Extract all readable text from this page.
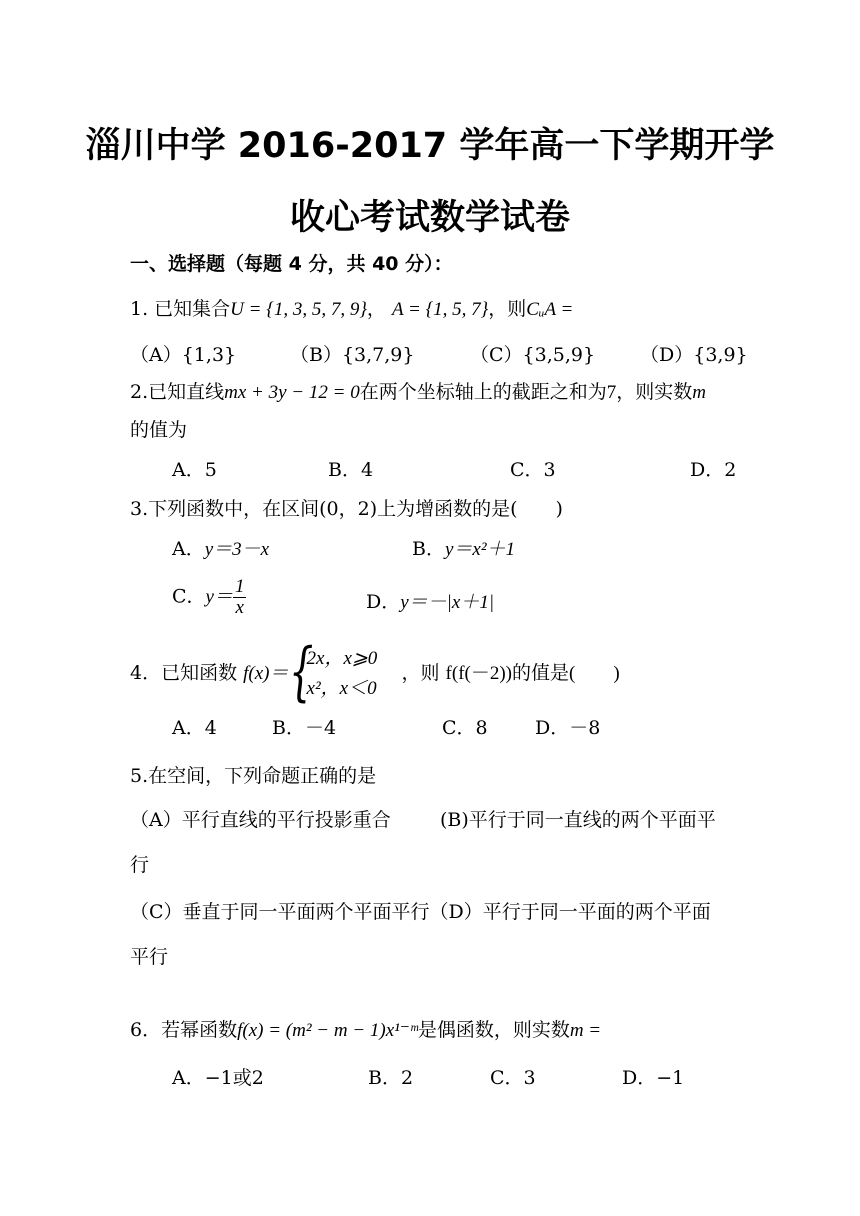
淄川中学 2016-2017 学年高一下学期开学
收心考试数学试卷
一、选择题（每题 4 分，共 40 分）：
1. 已知集合U = {1, 3, 5, 7, 9}， A = {1, 5, 7}，则CᵤA =
（A）{1,3}	（B）{3,7,9}	（C）{3,5,9} （D）{3,9}
2.已知直线mx + 3y − 12 = 0在两个坐标轴上的截距之和为7，则实数m
的值为
A．5	B．4	C．3	D．2
3.下列函数中，在区间(0，2)上为增函数的是(　　)
A．y＝3－x	B．y＝x²＋1
C．$y= \frac{1}{x}$	D．y＝－|x＋1|
4．已知函数 f(x)＝ {
2x，x⩾0
x²，x＜0
，则 f(f(－2))的值是(　　)
A．4	B．－4	C．8 D．－8
5.在空间，下列命题正确的是
（A）平行直线的平行投影重合	(B)平行于同一直线的两个平面平
行
（C）垂直于同一平面两个平面平行（D）平行于同一平面的两个平面
平行
6．若幂函数f(x) = (m² − m − 1)x¹⁻ᵐ是偶函数，则实数m =
A．−1或2	B．2	C．3	D．−1
